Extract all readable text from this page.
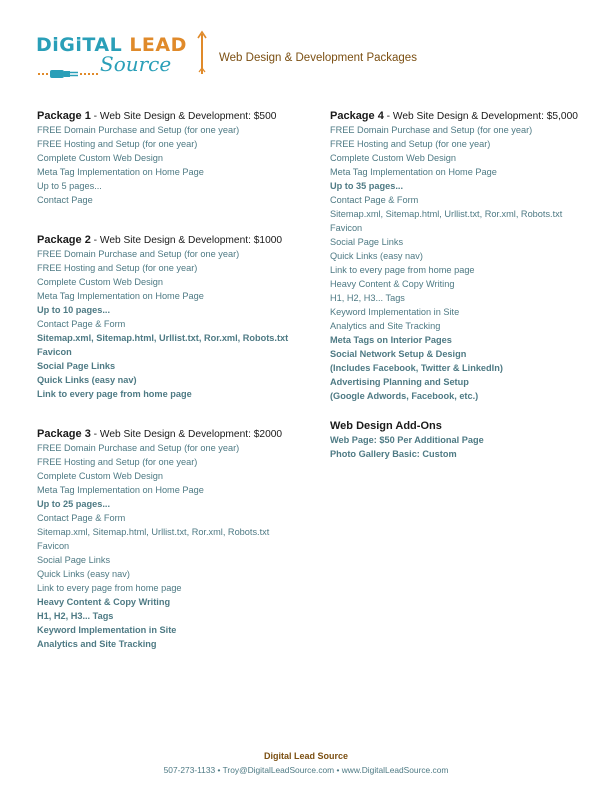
DiGiTAL LEAD
Source	Web Design & Development Packages
Package 1 - Web Site Design & Development: $500
FREE Domain Purchase and Setup (for one year)
FREE Hosting and Setup (for one year)
Complete Custom Web Design
Meta Tag Implementation on Home Page
Up to 5 pages...
Contact Page
Package 2 - Web Site Design & Development: $1000
FREE Domain Purchase and Setup (for one year)
FREE Hosting and Setup (for one year)
Complete Custom Web Design
Meta Tag Implementation on Home Page
Up to 10 pages...
Contact Page & Form
Sitemap.xml, Sitemap.html, Urllist.txt, Ror.xml, Robots.txt
Favicon
Social Page Links
Quick Links (easy nav)
Link to every page from home page
Package 3 - Web Site Design & Development: $2000
FREE Domain Purchase and Setup (for one year)
FREE Hosting and Setup (for one year)
Complete Custom Web Design
Meta Tag Implementation on Home Page
Up to 25 pages...
Contact Page & Form
Sitemap.xml, Sitemap.html, Urllist.txt, Ror.xml, Robots.txt
Favicon
Social Page Links
Quick Links (easy nav)
Link to every page from home page
Heavy Content & Copy Writing
H1, H2, H3... Tags
Keyword Implementation in Site
Analytics and Site Tracking
Package 4 - Web Site Design & Development: $5,000
FREE Domain Purchase and Setup (for one year)
FREE Hosting and Setup (for one year)
Complete Custom Web Design
Meta Tag Implementation on Home Page
Up to 35 pages...
Contact Page & Form
Sitemap.xml, Sitemap.html, Urllist.txt, Ror.xml, Robots.txt
Favicon
Social Page Links
Quick Links (easy nav)
Link to every page from home page
Heavy Content & Copy Writing
H1, H2, H3... Tags
Keyword Implementation in Site
Analytics and Site Tracking
Meta Tags on Interior Pages
Social Network Setup & Design
(Includes Facebook, Twitter & LinkedIn)
Advertising Planning and Setup
(Google Adwords, Facebook, etc.)
Web Design Add-Ons
Web Page: $50 Per Additional Page
Photo Gallery Basic: Custom
Digital Lead Source
507-273-1133 • Troy@DigitalLeadSource.com • www.DigitalLeadSource.com
